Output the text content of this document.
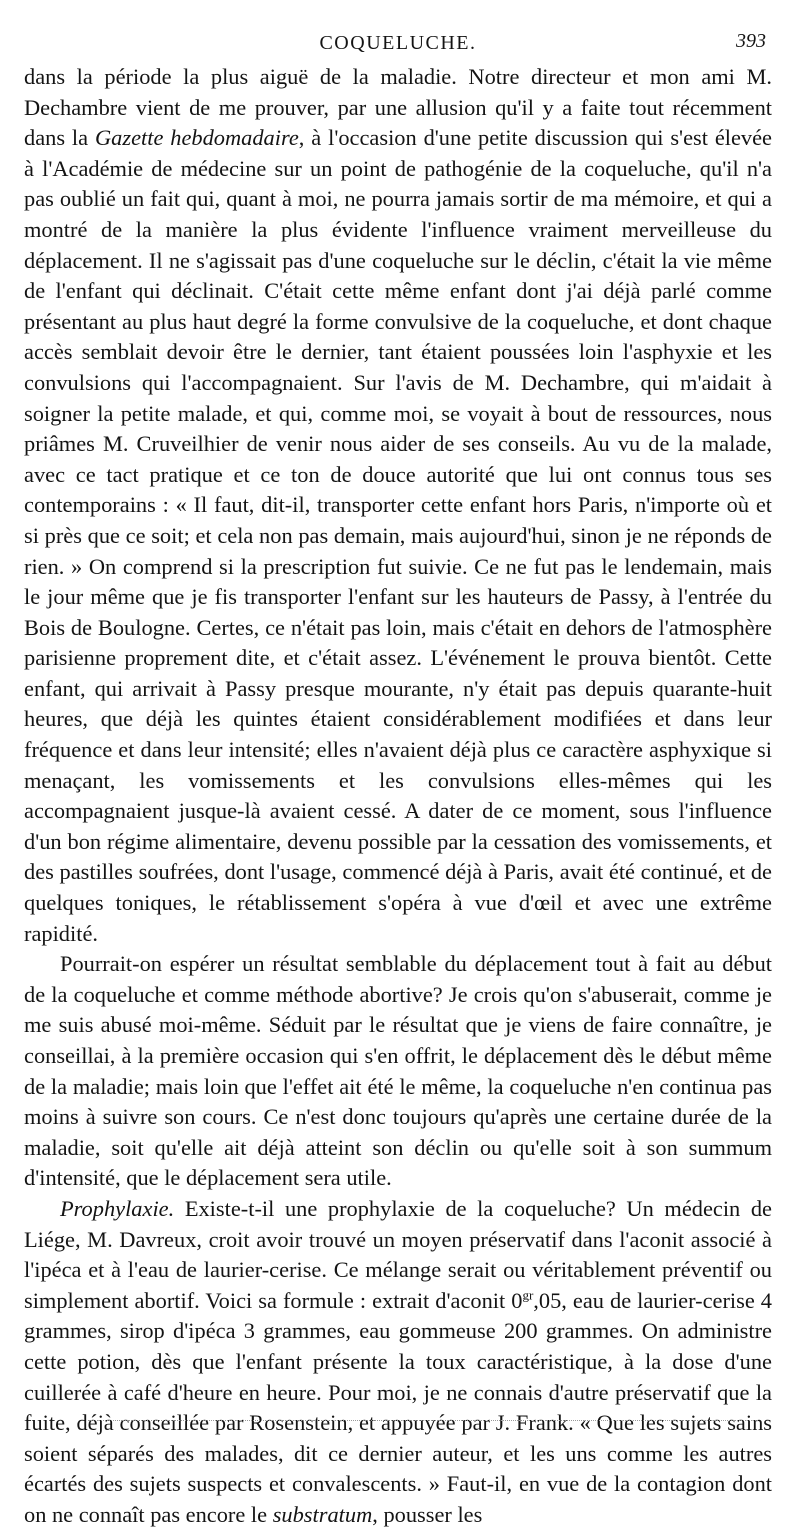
COQUELUCHE.	393

dans la période la plus aiguë de la maladie. Notre directeur et mon ami M. Dechambre vient de me prouver, par une allusion qu'il y a faite tout récemment dans la Gazette hebdomadaire, à l'occasion d'une petite discussion qui s'est élevée à l'Académie de médecine sur un point de pathogénie de la coqueluche, qu'il n'a pas oublié un fait qui, quant à moi, ne pourra jamais sortir de ma mémoire, et qui a montré de la manière la plus évidente l'influence vraiment merveilleuse du déplacement. Il ne s'agissait pas d'une coqueluche sur le déclin, c'était la vie même de l'enfant qui déclinait. C'était cette même enfant dont j'ai déjà parlé comme présentant au plus haut degré la forme convulsive de la coqueluche, et dont chaque accès semblait devoir être le dernier, tant étaient poussées loin l'asphyxie et les convulsions qui l'accompagnaient. Sur l'avis de M. Dechambre, qui m'aidait à soigner la petite malade, et qui, comme moi, se voyait à bout de ressources, nous priâmes M. Cruveilhier de venir nous aider de ses conseils. Au vu de la malade, avec ce tact pratique et ce ton de douce autorité que lui ont connus tous ses contemporains : « Il faut, dit-il, transporter cette enfant hors Paris, n'importe où et si près que ce soit; et cela non pas demain, mais aujourd'hui, sinon je ne réponds de rien. » On comprend si la prescription fut suivie. Ce ne fut pas le lendemain, mais le jour même que je fis transporter l'enfant sur les hauteurs de Passy, à l'entrée du Bois de Boulogne. Certes, ce n'était pas loin, mais c'était en dehors de l'atmosphère parisienne proprement dite, et c'était assez. L'événement le prouva bientôt. Cette enfant, qui arrivait à Passy presque mourante, n'y était pas depuis quarante-huit heures, que déjà les quintes étaient considérablement modifiées et dans leur fréquence et dans leur intensité; elles n'avaient déjà plus ce caractère asphyxique si menaçant, les vomissements et les convulsions elles-mêmes qui les accompagnaient jusque-là avaient cessé. A dater de ce moment, sous l'influence d'un bon régime alimentaire, devenu possible par la cessation des vomissements, et des pastilles soufrées, dont l'usage, commencé déjà à Paris, avait été continué, et de quelques toniques, le rétablissement s'opéra à vue d'œil et avec une extrême rapidité.

Pourrait-on espérer un résultat semblable du déplacement tout à fait au début de la coqueluche et comme méthode abortive? Je crois qu'on s'abuserait, comme je me suis abusé moi-même. Séduit par le résultat que je viens de faire connaître, je conseillai, à la première occasion qui s'en offrit, le déplacement dès le début même de la maladie; mais loin que l'effet ait été le même, la coqueluche n'en continua pas moins à suivre son cours. Ce n'est donc toujours qu'après une certaine durée de la maladie, soit qu'elle ait déjà atteint son déclin ou qu'elle soit à son summum d'intensité, que le déplacement sera utile.

Prophylaxie. Existe-t-il une prophylaxie de la coqueluche? Un médecin de Liége, M. Davreux, croit avoir trouvé un moyen préservatif dans l'aconit associé à l'ipéca et à l'eau de laurier-cerise. Ce mélange serait ou véritablement préventif ou simplement abortif. Voici sa formule : extrait d'aconit $0^{gr},05$, eau de laurier-cerise 4 grammes, sirop d'ipéca 3 grammes, eau gommeuse 200 grammes. On administre cette potion, dès que l'enfant présente la toux caractéristique, à la dose d'une cuillerée à café d'heure en heure. Pour moi, je ne connais d'autre préservatif que la fuite, déjà conseillée par Rosenstein, et appuyée par J. Frank. « Que les sujets sains soient séparés des malades, dit ce dernier auteur, et les uns comme les autres écartés des sujets suspects et convalescents. » Faut-il, en vue de la contagion dont on ne connaît pas encore le substratum, pousser les
